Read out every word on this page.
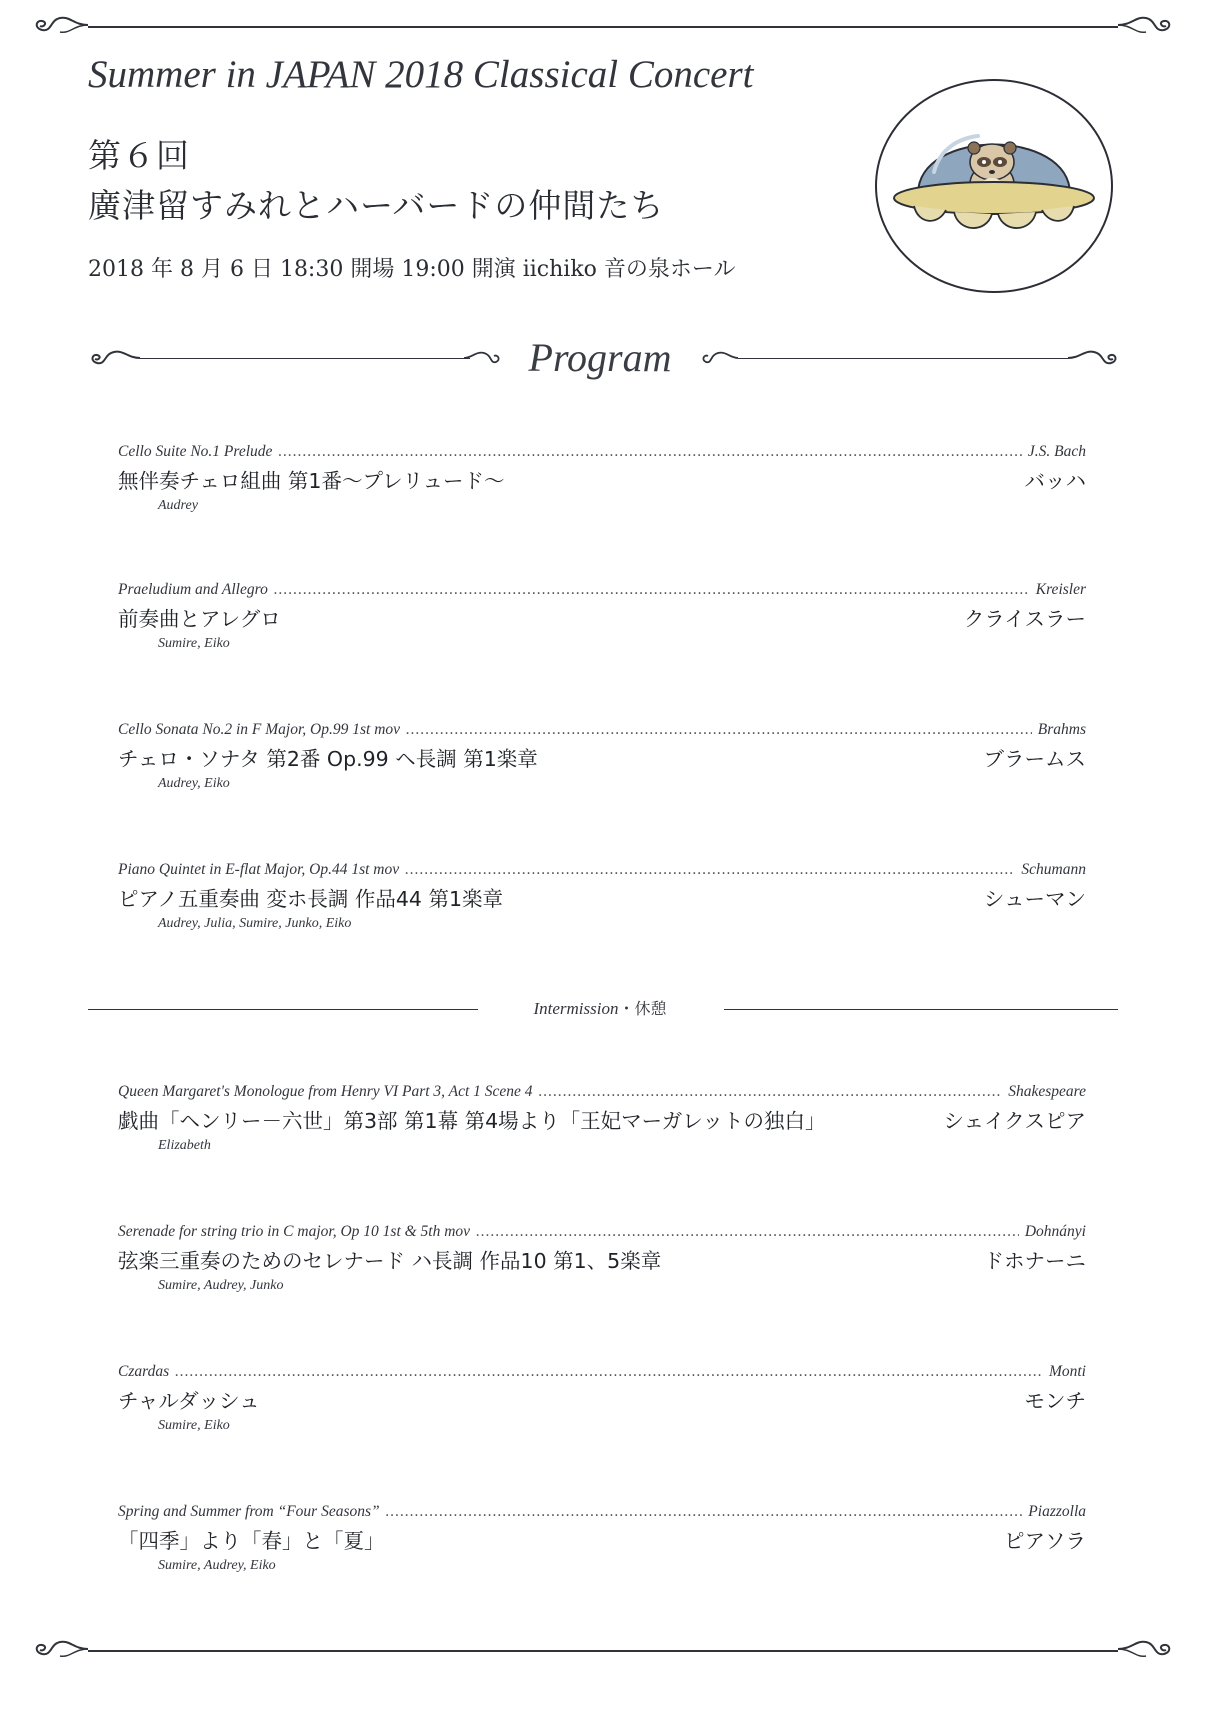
Summer in JAPAN 2018 Classical Concert
第６回
廣津留すみれとハーバードの仲間たち
2018 年 8 月 6 日 18:30 開場 19:00 開演 iichiko 音の泉ホール
Program
Cello Suite No.1 Prelude .....	J.S. Bach
無伴奏チェロ組曲 第1番～プレリュード～	バッハ
Audrey
Praeludium and Allegro .....	Kreisler
前奏曲とアレグロ	クライスラー
Sumire, Eiko
Cello Sonata No.2 in F Major, Op.99 1st mov .....	Brahms
チェロ・ソナタ 第2番 Op.99 ヘ長調 第1楽章	ブラームス
Audrey, Eiko
Piano Quintet in E-flat Major, Op.44 1st mov .....	Schumann
ピアノ五重奏曲 変ホ長調 作品44 第1楽章	シューマン
Audrey, Julia, Sumire, Junko, Eiko
Intermission・休憩
Queen Margaret's Monologue from Henry VI Part 3, Act 1 Scene 4 .....	Shakespeare
戯曲「ヘンリー－六世」第3部 第1幕 第4場より「王妃マーガレットの独白」	シェイクスピア
Elizabeth
Serenade for string trio in C major, Op 10 1st & 5th mov .....	Dohnányi
弦楽三重奏のためのセレナード ハ長調 作品10 第1、5楽章	ドホナーニ
Sumire, Audrey, Junko
Czardas .....	Monti
チャルダッシュ	モンチ
Sumire, Eiko
Spring and Summer from “Four Seasons” .....	Piazzolla
「四季」より「春」と「夏」	ピアソラ
Sumire, Audrey, Eiko
